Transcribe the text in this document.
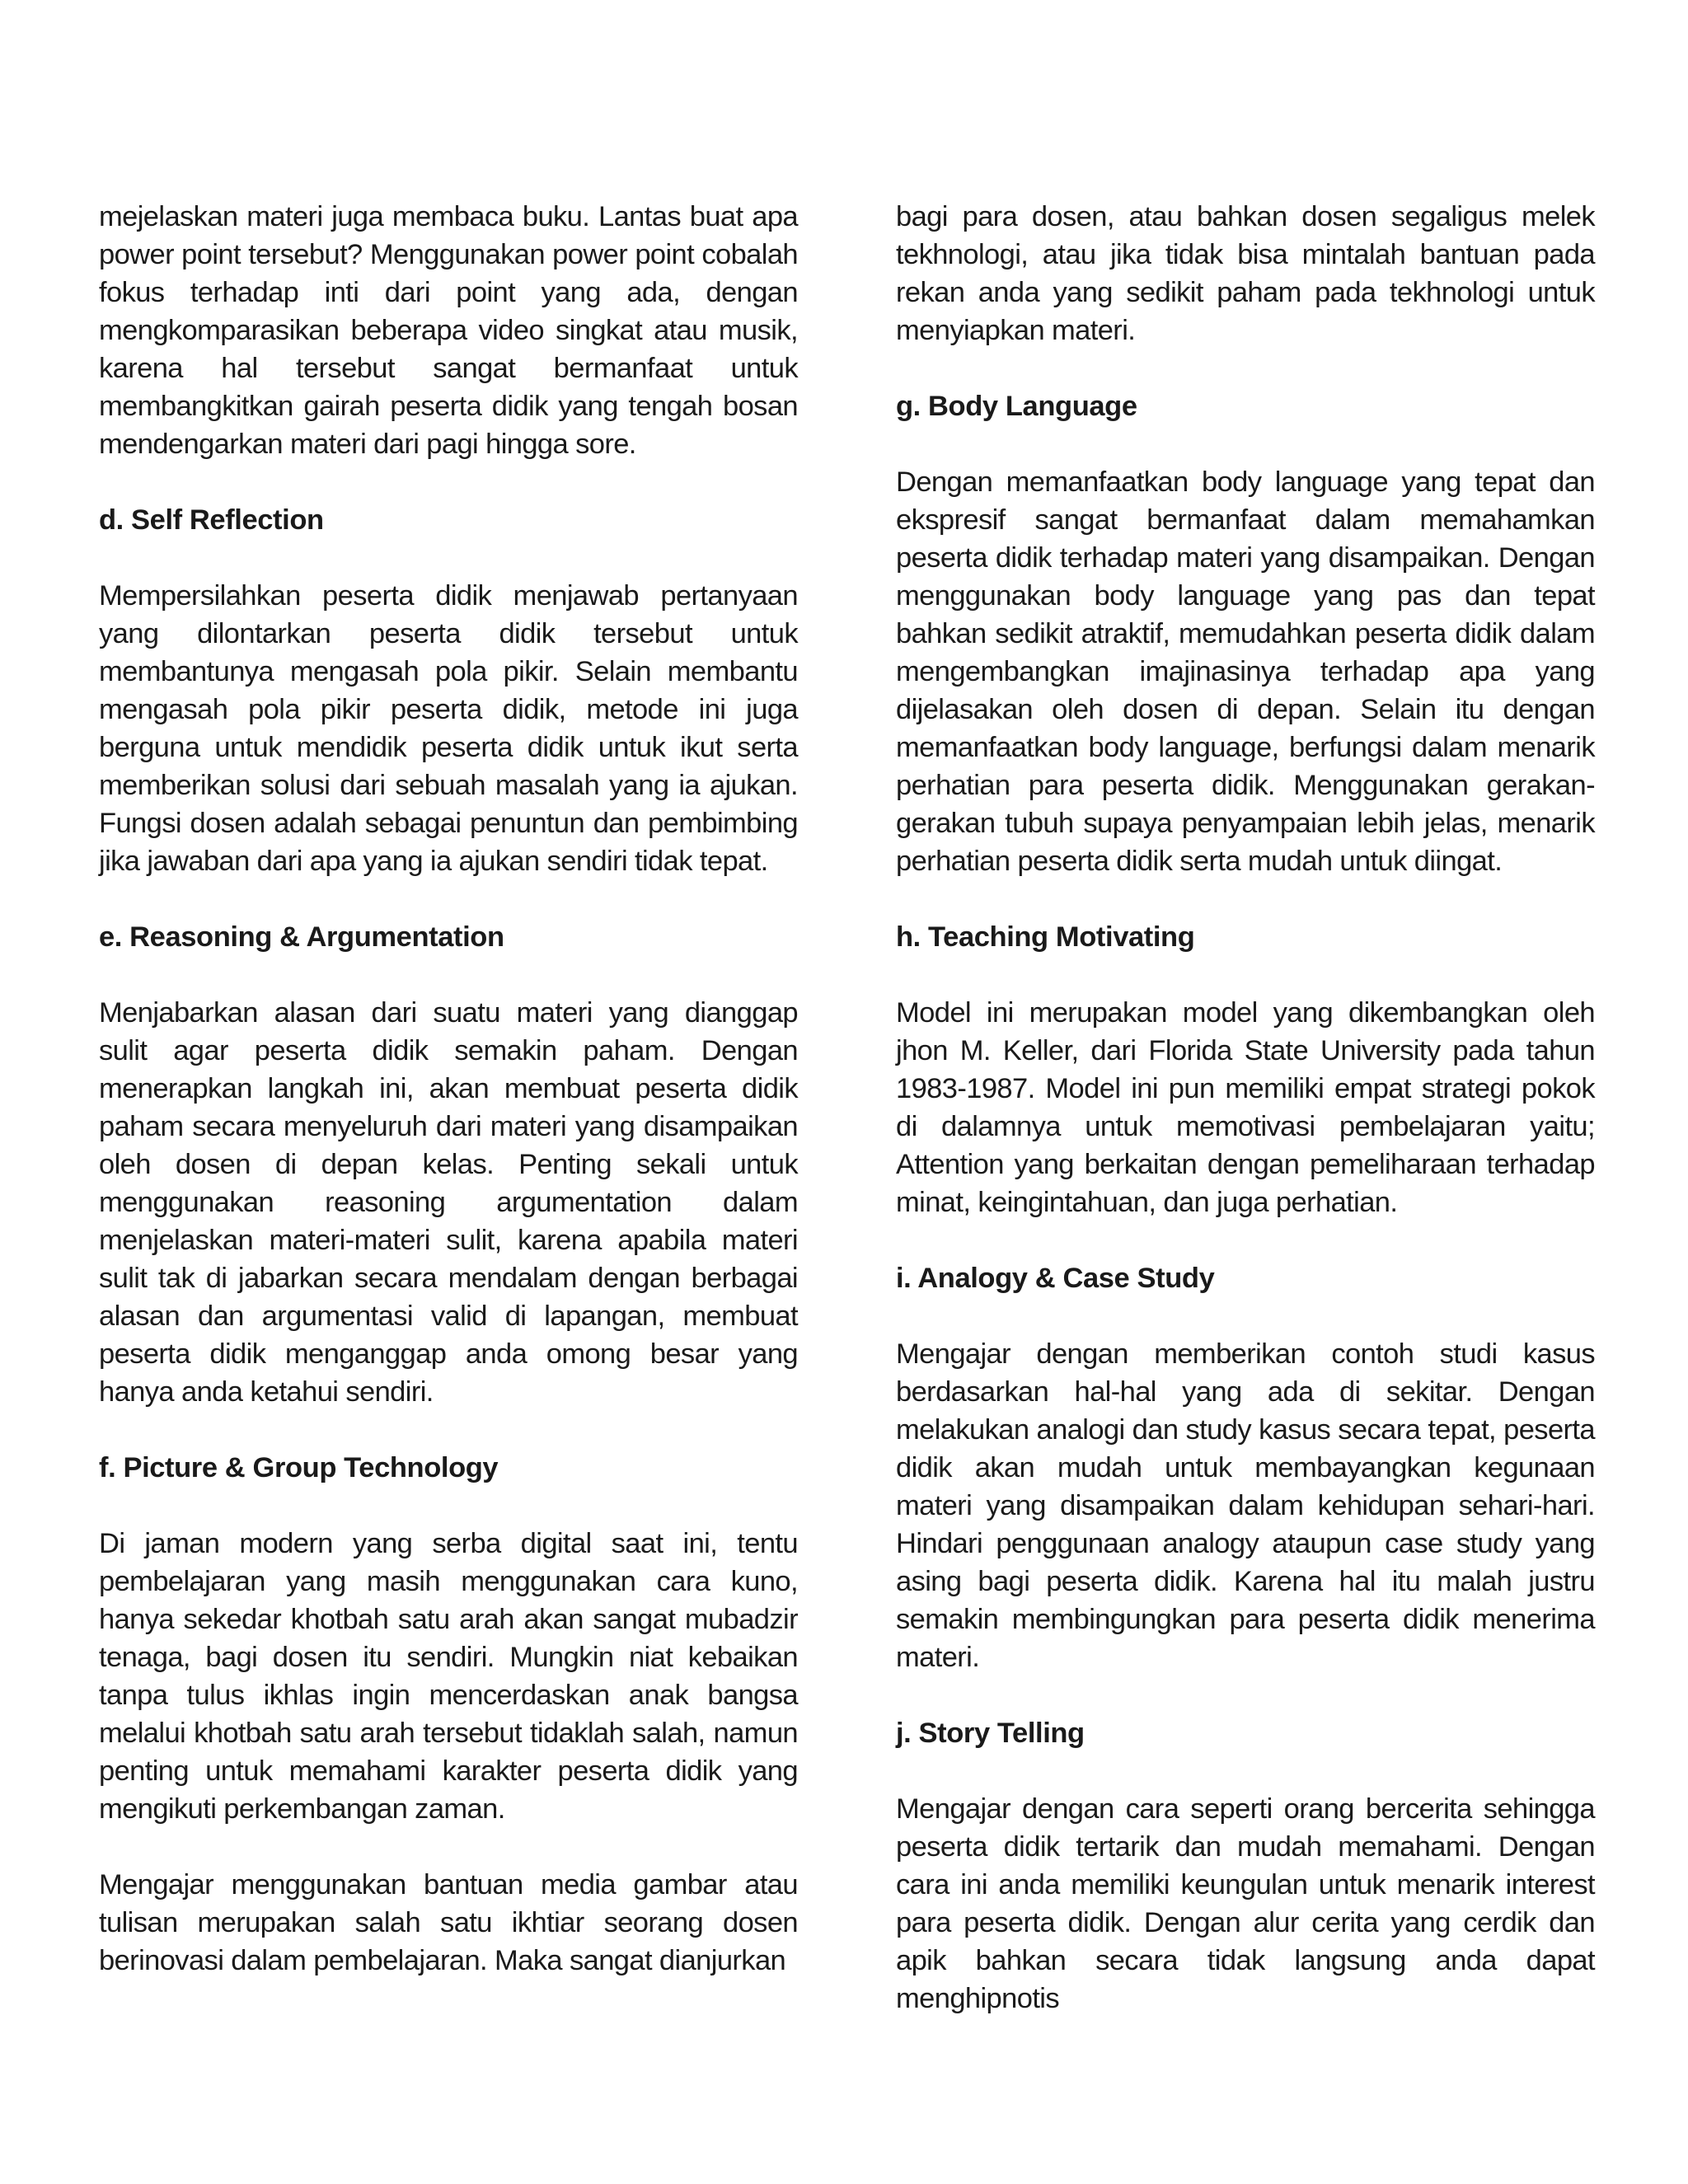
mejelaskan materi juga membaca buku. Lantas buat apa power point tersebut? Menggunakan power point cobalah fokus terhadap inti dari point yang ada, dengan mengkomparasikan beberapa video singkat atau musik, karena hal tersebut sangat bermanfaat untuk membangkitkan gairah peserta didik yang tengah bosan mendengarkan materi dari pagi hingga sore.

d. Self Reflection

Mempersilahkan peserta didik menjawab pertanyaan yang dilontarkan peserta didik tersebut untuk membantunya mengasah pola pikir. Selain membantu mengasah pola pikir peserta didik, metode ini juga berguna untuk mendidik peserta didik untuk ikut serta memberikan solusi dari sebuah masalah yang ia ajukan. Fungsi dosen adalah sebagai penuntun dan pembimbing jika jawaban dari apa yang ia ajukan sendiri tidak tepat.

e. Reasoning & Argumentation

Menjabarkan alasan dari suatu materi yang dianggap sulit agar peserta didik semakin paham. Dengan menerapkan langkah ini, akan membuat peserta didik paham secara menyeluruh dari materi yang disampaikan oleh dosen di depan kelas. Penting sekali untuk menggunakan reasoning argumentation dalam menjelaskan materi-materi sulit, karena apabila materi sulit tak di jabarkan secara mendalam dengan berbagai alasan dan argumentasi valid di lapangan, membuat peserta didik menganggap anda omong besar yang hanya anda ketahui sendiri.

f. Picture & Group Technology

Di jaman modern yang serba digital saat ini, tentu pembelajaran yang masih menggunakan cara kuno, hanya sekedar khotbah satu arah akan sangat mubadzir tenaga, bagi dosen itu sendiri. Mungkin niat kebaikan tanpa tulus ikhlas ingin mencerdaskan anak bangsa melalui khotbah satu arah tersebut tidaklah salah, namun penting untuk memahami karakter peserta didik yang mengikuti perkembangan zaman.

Mengajar menggunakan bantuan media gambar atau tulisan merupakan salah satu ikhtiar seorang dosen berinovasi dalam pembelajaran. Maka sangat dianjurkan

bagi para dosen, atau bahkan dosen segaligus melek tekhnologi, atau jika tidak bisa mintalah bantuan pada rekan anda yang sedikit paham pada tekhnologi untuk menyiapkan materi.

g. Body Language

Dengan memanfaatkan body language yang tepat dan ekspresif sangat bermanfaat dalam memahamkan peserta didik terhadap materi yang disampaikan. Dengan menggunakan body language yang pas dan tepat bahkan sedikit atraktif, memudahkan peserta didik dalam mengembangkan imajinasinya terhadap apa yang dijelasakan oleh dosen di depan. Selain itu dengan memanfaatkan body language, berfungsi dalam menarik perhatian para peserta didik. Menggunakan gerakan-gerakan tubuh supaya penyampaian lebih jelas, menarik perhatian peserta didik serta mudah untuk diingat.

h. Teaching Motivating

Model ini merupakan model yang dikembangkan oleh jhon M. Keller, dari Florida State University pada tahun 1983-1987. Model ini pun memiliki empat strategi pokok di dalamnya untuk memotivasi pembelajaran yaitu; Attention yang berkaitan dengan pemeliharaan terhadap minat, keingintahuan, dan juga perhatian.

i. Analogy & Case Study

Mengajar dengan memberikan contoh studi kasus berdasarkan hal-hal yang ada di sekitar. Dengan melakukan analogi dan study kasus secara tepat, peserta didik akan mudah untuk membayangkan kegunaan materi yang disampaikan dalam kehidupan sehari-hari. Hindari penggunaan analogy ataupun case study yang asing bagi peserta didik. Karena hal itu malah justru semakin membingungkan para peserta didik menerima materi.

j. Story Telling

Mengajar dengan cara seperti orang bercerita sehingga peserta didik tertarik dan mudah memahami. Dengan cara ini anda memiliki keungulan untuk menarik interest para peserta didik. Dengan alur cerita yang cerdik dan apik bahkan secara tidak langsung anda dapat menghipnotis
